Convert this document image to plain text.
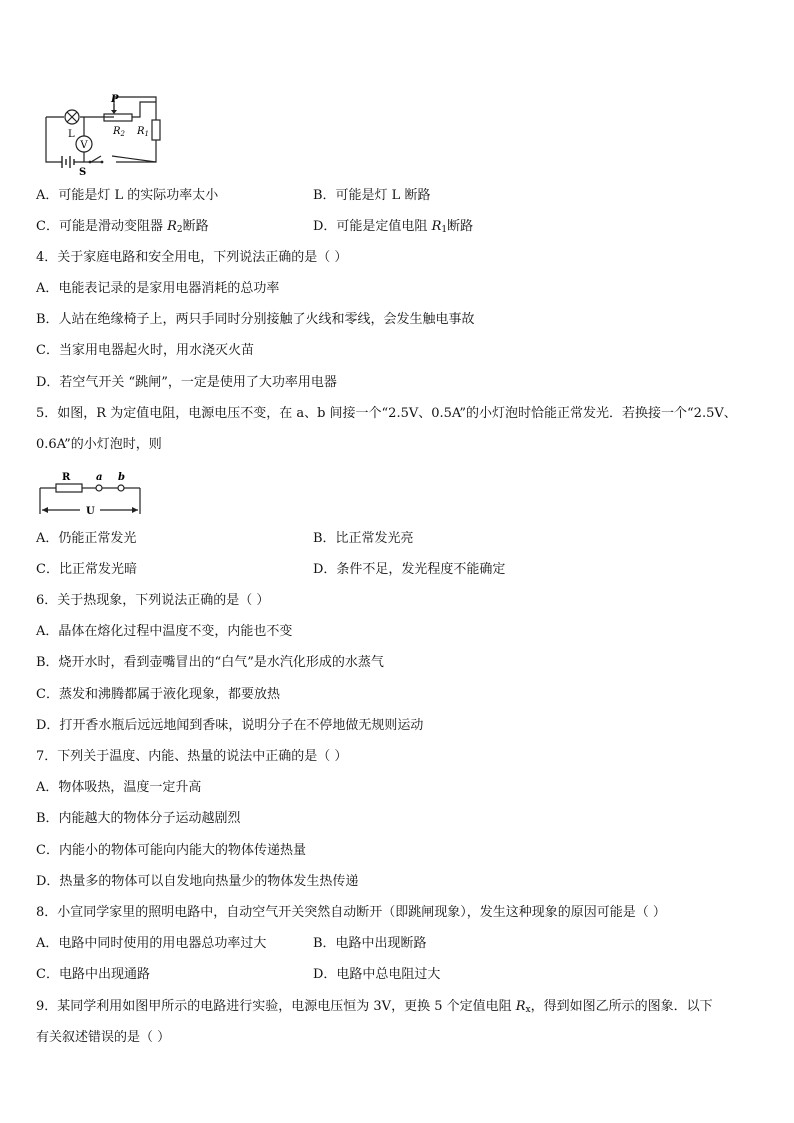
V
P
L	$R_2$ $R_1$
S
A．可能是灯 L 的实际功率太小	B．可能是灯 L 断路
C．可能是滑动变阻器 $R_2$断路	D．可能是定值电阻 $R_1$断路
4．关于家庭电路和安全用电，下列说法正确的是（ ）
A．电能表记录的是家用电器消耗的总功率
B．人站在绝缘椅子上，两只手同时分别接触了火线和零线，会发生触电事故
C．当家用电器起火时，用水浇灭火苗
D．若空气开关 “跳闸”，一定是使用了大功率用电器
5．如图，R 为定值电阻，电源电压不变，在 a、b 间接一个“2.5V、0.5A”的小灯泡时恰能正常发光．若换接一个“2.5V、
0.6A”的小灯泡时，则
R	a b
U
A．仍能正常发光	B．比正常发光亮
C．比正常发光暗	D．条件不足，发光程度不能确定
6．关于热现象，下列说法正确的是（ ）
A．晶体在熔化过程中温度不变，内能也不变
B．烧开水时，看到壶嘴冒出的“白气”是水汽化形成的水蒸气
C．蒸发和沸腾都属于液化现象，都要放热
D．打开香水瓶后远远地闻到香味，说明分子在不停地做无规则运动
7．下列关于温度、内能、热量的说法中正确的是（ ）
A．物体吸热，温度一定升高
B．内能越大的物体分子运动越剧烈
C．内能小的物体可能向内能大的物体传递热量
D．热量多的物体可以自发地向热量少的物体发生热传递
8．小宣同学家里的照明电路中，自动空气开关突然自动断开（即跳闸现象），发生这种现象的原因可能是（ ）
A．电路中同时使用的用电器总功率过大	B．电路中出现断路
C．电路中出现通路	D．电路中总电阻过大
9．某同学利用如图甲所示的电路进行实验，电源电压恒为 3V，更换 5 个定值电阻 $R_x$，得到如图乙所示的图象．以下
有关叙述错误的是（ ）
